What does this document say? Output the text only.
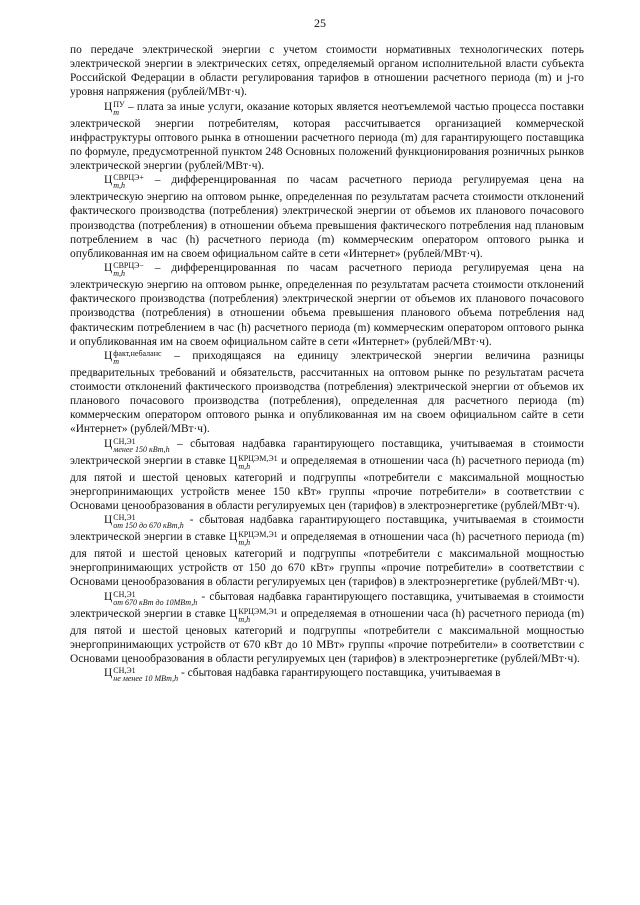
25

по передаче электрической энергии с учетом стоимости нормативных технологических потерь электрической энергии в электрических сетях, определяемый органом исполнительной власти субъекта Российской Федерации в области регулирования тарифов в отношении расчетного периода (m) и j-го уровня напряжения (рублей/МВт·ч).

Ц ПУ
m – плата за иные услуги, оказание которых является неотъемлемой частью процесса поставки электрической энергии потребителям, которая рассчитывается организацией коммерческой инфраструктуры оптового рынка в отношении расчетного периода (m) для гарантирующего поставщика по формуле, предусмотренной пунктом 248 Основных положений функционирования розничных рынков электрической энергии (рублей/МВт·ч).

Ц СВРЦЭ+
m,h	– дифференцированная по часам расчетного периода регулируемая цена на электрическую энергию на оптовом рынке, определенная по результатам расчета стоимости отклонений фактического производства (потребления) электрической энергии от объемов их планового почасового производства (потребления) в отношении объема превышения фактического потребления над плановым потреблением в час (h) расчетного периода (m) коммерческим оператором оптового рынка и опубликованная им на своем официальном сайте в сети «Интернет» (рублей/МВт·ч).

Ц СВРЦЭ−
m,h	– дифференцированная по часам расчетного периода регулируемая цена на электрическую энергию на оптовом рынке, определенная по результатам расчета стоимости отклонений фактического производства (потребления) электрической энергии от объемов их планового почасового производства (потребления) в отношении объема превышения планового объема потребления над фактическим потреблением в час (h) расчетного периода (m) коммерческим оператором оптового рынка и опубликованная им на своем официальном сайте в сети «Интернет» (рублей/МВт·ч).

Ц факт,небаланс
m	– приходящаяся на единицу электрической энергии величина разницы предварительных требований и обязательств, рассчитанных на оптовом рынке по результатам расчета стоимости отклонений фактического производства (потребления) электрической энергии от объемов их планового почасового производства (потребления), определенная для расчетного периода (m) коммерческим оператором оптового рынка и опубликованная им на своем официальном сайте в сети «Интернет» (рублей/МВт·ч).

Ц СН,Э1
менее 150 кВт,h – сбытовая надбавка гарантирующего поставщика, учитываемая в стоимости электрической энергии в ставке Ц КРЦЭМ,Э1
m,h	и определяемая в отношении часа (h) расчетного периода (m) для пятой и шестой ценовых категорий и подгруппы «потребители с максимальной мощностью энергопринимающих устройств менее 150 кВт» группы «прочие потребители» в соответствии с Основами ценообразования в области регулируемых цен (тарифов) в электроэнергетике (рублей/МВт·ч).

Ц СН,Э1
от 150 до 670 кВт,h - сбытовая надбавка гарантирующего поставщика, учитываемая в стоимости электрической энергии в ставке Ц КРЦЭМ,Э1
m,h	и определяемая в отношении часа (h) расчетного периода (m) для пятой и шестой ценовых категорий и подгруппы «потребители с максимальной мощностью энергопринимающих устройств от 150 до 670 кВт» группы «прочие потребители» в соответствии с Основами ценообразования в области регулируемых цен (тарифов) в электроэнергетике (рублей/МВт·ч).

Ц СН,Э1
от 670 кВт до 10МВт,h - сбытовая надбавка гарантирующего поставщика, учитываемая в стоимости электрической энергии в ставке Ц КРЦЭМ,Э1
m,h	и определяемая в отношении часа (h) расчетного периода (m) для пятой и шестой ценовых категорий и подгруппы «потребители с максимальной мощностью энергопринимающих устройств от 670 кВт до 10 МВт» группы «прочие потребители» в соответствии с Основами ценообразования в области регулируемых цен (тарифов) в электроэнергетике (рублей/МВт·ч).

Ц СН,Э1
не менее 10 МВт,h - сбытовая надбавка гарантирующего поставщика, учитываемая в
